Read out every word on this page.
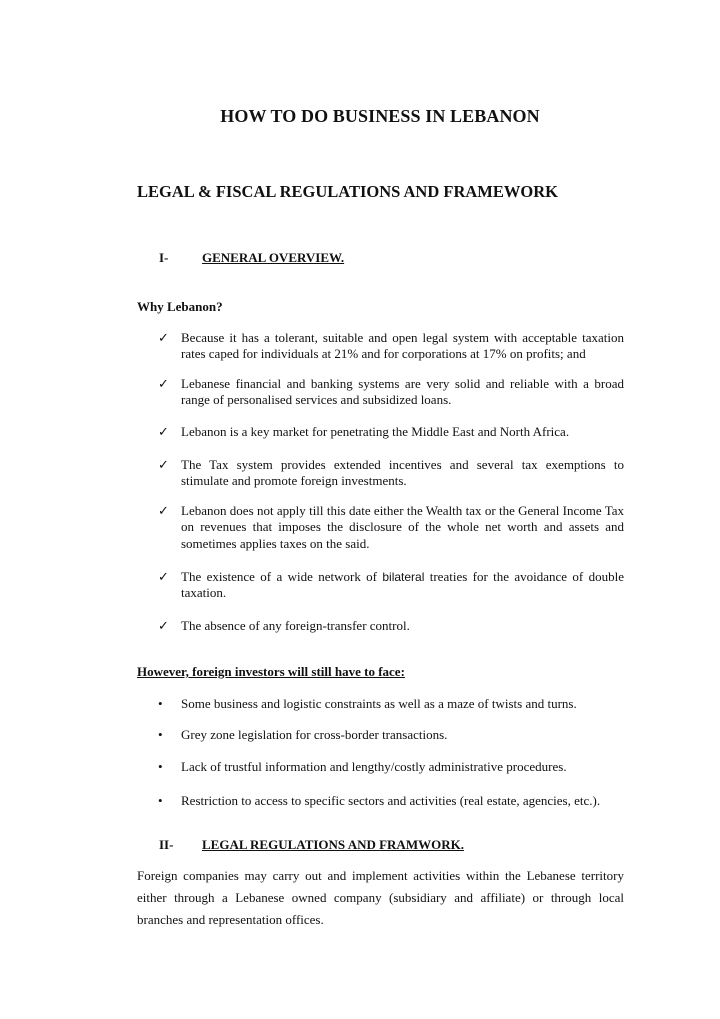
HOW TO DO BUSINESS IN LEBANON
LEGAL & FISCAL REGULATIONS AND FRAMEWORK
I-	GENERAL OVERVIEW.
Why Lebanon?
✓ Because it has a tolerant, suitable and open legal system with acceptable taxation rates caped for individuals at 21% and for corporations at 17% on profits; and
✓ Lebanese financial and banking systems are very solid and reliable with a broad range of personalised services and subsidized loans.
✓ Lebanon is a key market for penetrating the Middle East and North Africa.
✓ The Tax system provides extended incentives and several tax exemptions to stimulate and promote foreign investments.
✓ Lebanon does not apply till this date either the Wealth tax or the General Income Tax on revenues that imposes the disclosure of the whole net worth and assets and sometimes applies taxes on the said.
✓ The existence of a wide network of bilateral treaties for the avoidance of double taxation.
✓ The absence of any foreign-transfer control.
However, foreign investors will still have to face:
• Some business and logistic constraints as well as a maze of twists and turns.
• Grey zone legislation for cross-border transactions.
• Lack of trustful information and lengthy/costly administrative procedures.
• Restriction to access to specific sectors and activities (real estate, agencies, etc.).
II- LEGAL REGULATIONS AND FRAMWORK.
Foreign companies may carry out and implement activities within the Lebanese territory either through a Lebanese owned company (subsidiary and affiliate) or through local branches and representation offices.
